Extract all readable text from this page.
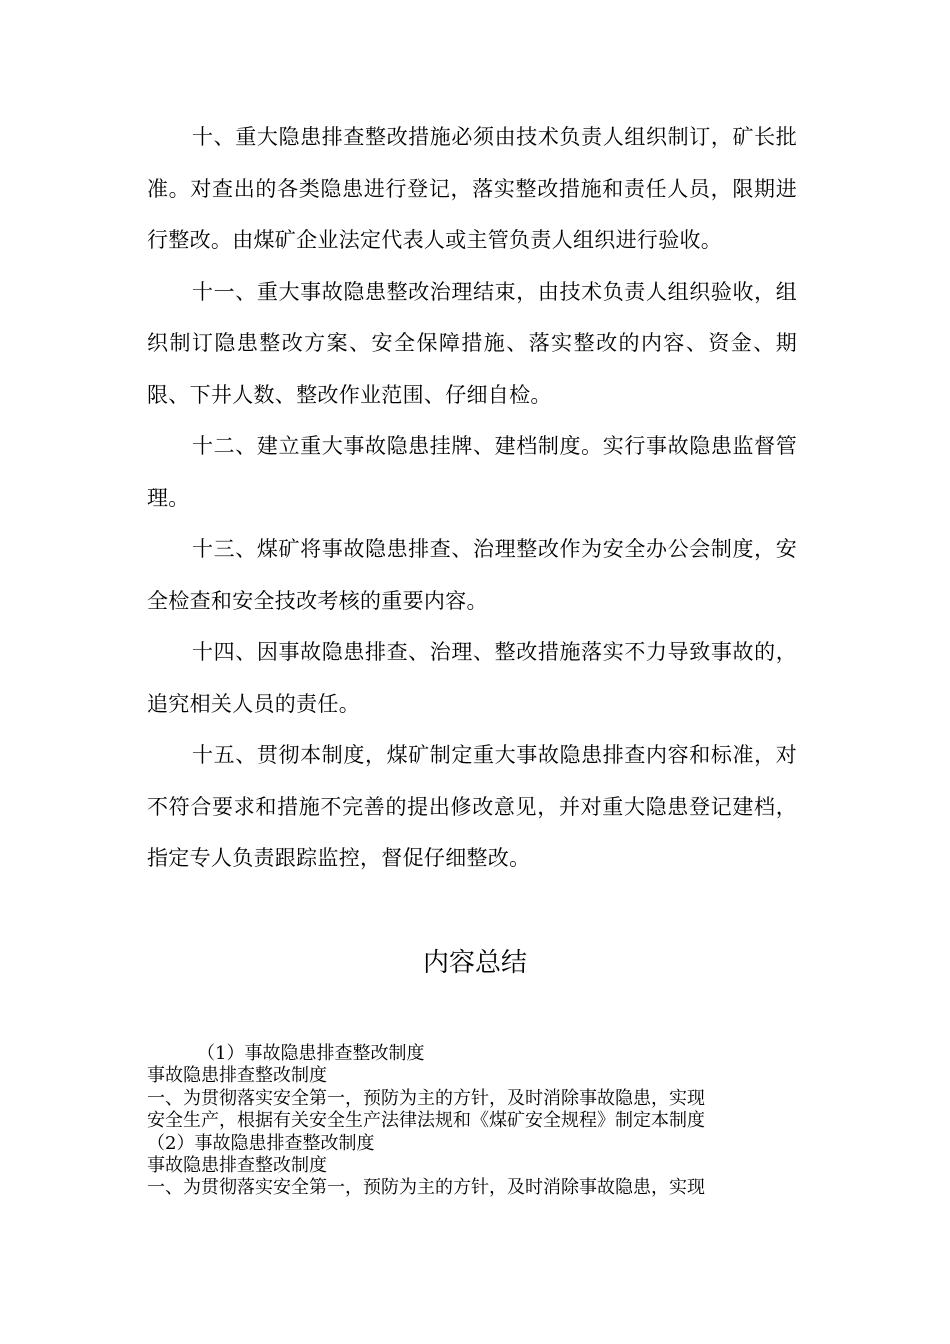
十、重大隐患排查整改措施必须由技术负责人组织制订，矿长批准。对查出的各类隐患进行登记，落实整改措施和责任人员，限期进行整改。由煤矿企业法定代表人或主管负责人组织进行验收。

十一、重大事故隐患整改治理结束，由技术负责人组织验收，组织制订隐患整改方案、安全保障措施、落实整改的内容、资金、期限、下井人数、整改作业范围、仔细自检。

十二、建立重大事故隐患挂牌、建档制度。实行事故隐患监督管理。

十三、煤矿将事故隐患排查、治理整改作为安全办公会制度，安全检查和安全技改考核的重要内容。

十四、因事故隐患排查、治理、整改措施落实不力导致事故的，追究相关人员的责任。

十五、贯彻本制度，煤矿制定重大事故隐患排查内容和标准，对不符合要求和措施不完善的提出修改意见，并对重大隐患登记建档，指定专人负责跟踪监控，督促仔细整改。

内容总结
（1）事故隐患排查整改制度
事故隐患排查整改制度
一、为贯彻落实安全第一，预防为主的方针，及时消除事故隐患，实现
安全生产，根据有关安全生产法律法规和《煤矿安全规程》制定本制度
（2）事故隐患排查整改制度
事故隐患排查整改制度
一、为贯彻落实安全第一，预防为主的方针，及时消除事故隐患，实现
